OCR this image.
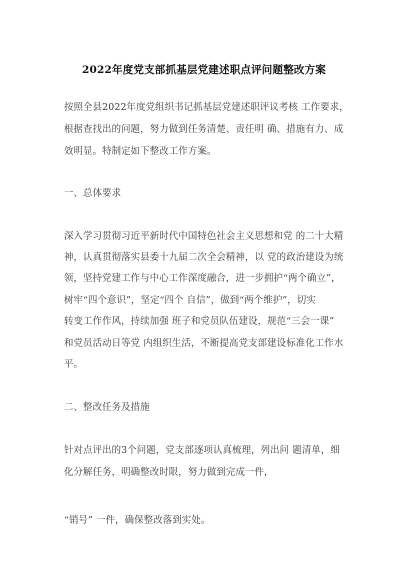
2022年度党支部抓基层党建述职点评问题整改方案
按照全县2022年度党组织书记抓基层党建述职评议考核 工作要求，
根据查找出的问题，努力做到任务清楚、责任明 确、措施有力、成
效明显。特制定如下整改工作方案。
一、总体要求
深入学习贯彻习近平新时代中国特色社会主义思想和党 的二十大精
神，认真贯彻落实县委十九届二次全会精神，以 党的政治建设为统
领，坚持党建工作与中心工作深度融合，进一步拥护“两个确立”，
树牢“四个意识”，坚定“四个 自信”，做到“两个维护”，切实
转变工作作风，持续加强 班子和党员队伍建设，规范“三会一课”
和党员活动日等党 内组织生活，不断提高党支部建设标准化工作水
平。
二、整改任务及措施
针对点评出的3个问题，党支部逐项认真梳理，列出问 题清单，细
化分解任务，明确整改时限，努力做到完成一件，
“销号” 一件，确保整改落到实处。
